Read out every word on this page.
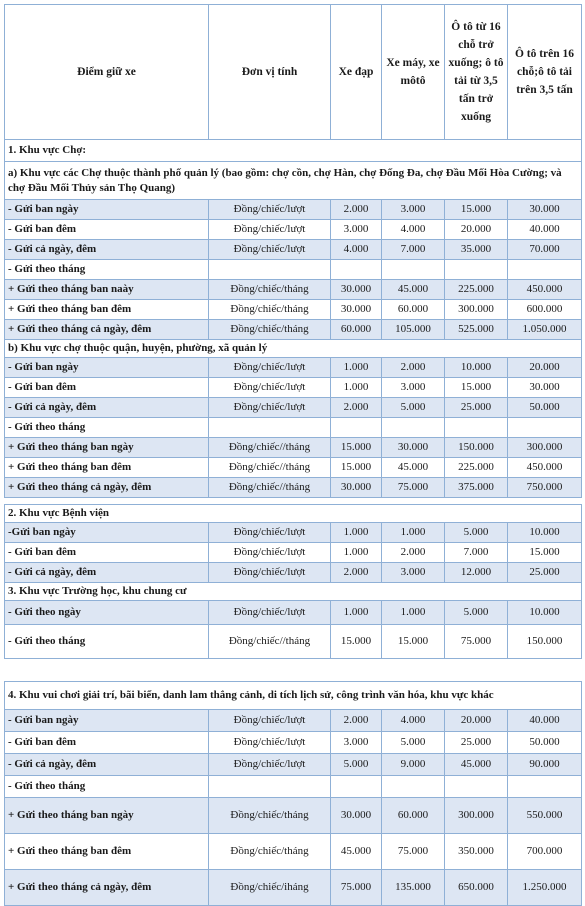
Điểm giữ xe	Đơn vị tính	Xe đạp	Xe máy, xe môtô	Ô tô từ 16 chỗ trở xuống; ô tô tải từ 3,5 tấn trở xuống	Ô tô trên 16 chỗ;ô tô tải trên 3,5 tấn
1. Khu vực Chợ:					
a) Khu vực các Chợ thuộc thành phố quản lý (bao gồm: chợ cồn, chợ Hàn, chợ Đống Đa, chợ Đầu Mối Hòa Cường; và chợ Đầu Mối Thủy sản Thọ Quang)					
- Gửi ban ngày	Đồng/chiếc/lượt	2.000	3.000	15.000	30.000
- Gửi ban đêm	Đồng/chiếc/lượt	3.000	4.000	20.000	40.000
- Gửi cả ngày, đêm	Đồng/chiếc/lượt	4.000	7.000	35.000	70.000
- Gửi theo tháng					
+ Gửi theo tháng ban naày	Đồng/chiếc/tháng	30.000	45.000	225.000	450.000
+ Gửi theo tháng ban đêm	Đồng/chiếc/tháng	30.000	60.000	300.000	600.000
+ Gửi theo tháng cả ngày, đêm	Đồng/chiếc/tháng	60.000	105.000	525.000	1.050.000
b) Khu vực chợ thuộc quận, huyện, phường, xã quản lý					
- Gửi ban ngày	Đồng/chiếc/lượt	1.000	2.000	10.000	20.000
- Gửi ban đêm	Đồng/chiếc/lượt	1.000	3.000	15.000	30.000
- Gửi cả ngày, đêm	Đồng/chiếc/lượt	2.000	5.000	25.000	50.000
- Gửi theo tháng					
+ Gửi theo tháng ban ngày	Đồng/chiếc//tháng	15.000	30.000	150.000	300.000
+ Gửi theo tháng ban đêm	Đồng/chiếc//tháng	15.000	45.000	225.000	450.000
+ Gửi theo tháng cả ngày, đêm	Đồng/chiếc//tháng	30.000	75.000	375.000	750.000

2. Khu vực Bệnh viện					
-Gửi ban ngày	Đồng/chiếc/lượt	1.000	1.000	5.000	10.000
- Gửi ban đêm	Đồng/chiếc/lượt	1.000	2.000	7.000	15.000
- Gửi cả ngày, đêm	Đồng/chiếc/lượt	2.000	3.000	12.000	25.000
3. Khu vực Trường học, khu chung cư					
- Gửi theo ngày	Đồng/chiếc/lượt	1.000	1.000	5.000	10.000
- Gửi theo tháng	Đồng/chiếc//tháng	15.000	15.000	75.000	150.000

4. Khu vui chơi giải trí, bãi biển, danh lam thắng cảnh, di tích lịch sử, công trình văn hóa, khu vực khác					
- Gửi ban ngày	Đồng/chiếc/lượt	2.000	4.000	20.000	40.000
- Gửi ban đêm	Đồng/chiếc/lượt	3.000	5.000	25.000	50.000
- Gửi cả ngày, đêm	Đồng/chiếc/lượt	5.000	9.000	45.000	90.000
- Gửi theo tháng					
+ Gửi theo tháng ban ngày	Đồng/chiếc/tháng	30.000	60.000	300.000	550.000
+ Gửi theo tháng ban đêm	Đồng/chiếc/tháng	45.000	75.000	350.000	700.000
+ Gửi theo tháng cả ngày, đêm	Đồng/chiếc/iháng	75.000	135.000	650.000	1.250.000
